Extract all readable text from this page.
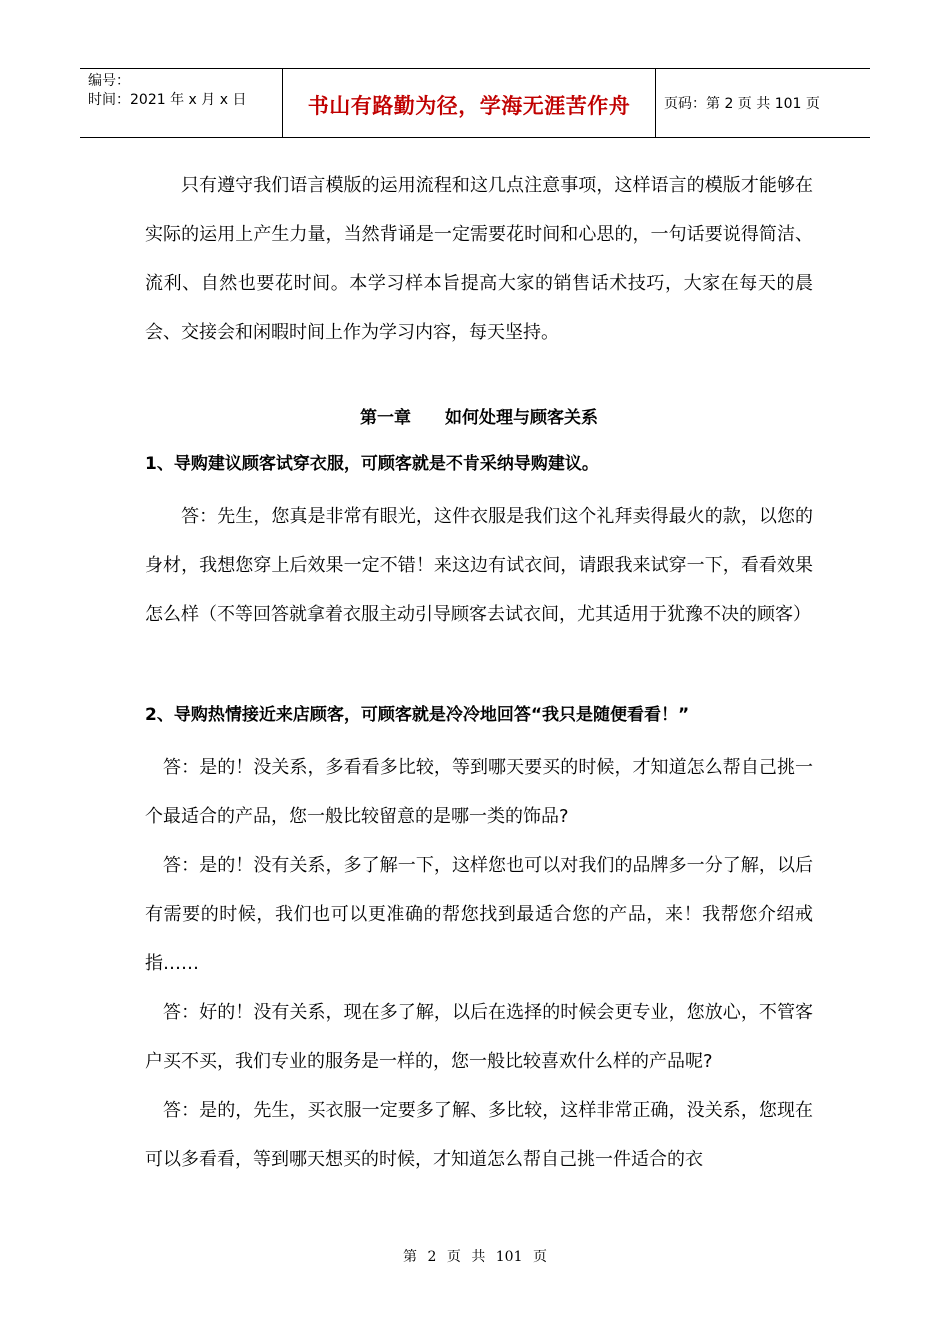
编号：
时间：2021 年 x 月 x 日	书山有路勤为径，学海无涯苦作舟 页码：第 2 页 共 101 页

只有遵守我们语言模版的运用流程和这几点注意事项，这样语言的模版才能够在实际的运用上产生力量，当然背诵是一定需要花时间和心思的，一句话要说得简洁、流利、自然也要花时间。本学习样本旨提高大家的销售话术技巧，大家在每天的晨会、交接会和闲暇时间上作为学习内容，每天坚持。

第一章　　如何处理与顾客关系
1、导购建议顾客试穿衣服，可顾客就是不肯采纳导购建议。

　　答：先生，您真是非常有眼光，这件衣服是我们这个礼拜卖得最火的款，以您的身材，我想您穿上后效果一定不错！来这边有试衣间，请跟我来试穿一下，看看效果怎么样（不等回答就拿着衣服主动引导顾客去试衣间，尤其适用于犹豫不决的顾客）

2、导购热情接近来店顾客，可顾客就是冷冷地回答“我只是随便看看！”

　答：是的！没关系，多看看多比较，等到哪天要买的时候，才知道怎么帮自己挑一个最适合的产品，您一般比较留意的是哪一类的饰品?

　答：是的！没有关系，多了解一下，这样您也可以对我们的品牌多一分了解，以后有需要的时候，我们也可以更准确的帮您找到最适合您的产品，来！我帮您介绍戒指……

　答：好的！没有关系，现在多了解，以后在选择的时候会更专业，您放心，不管客户买不买，我们专业的服务是一样的，您一般比较喜欢什么样的产品呢?

　答：是的，先生，买衣服一定要多了解、多比较，这样非常正确，没关系，您现在可以多看看，等到哪天想买的时候，才知道怎么帮自己挑一件适合的衣

第 2 页 共 101 页
